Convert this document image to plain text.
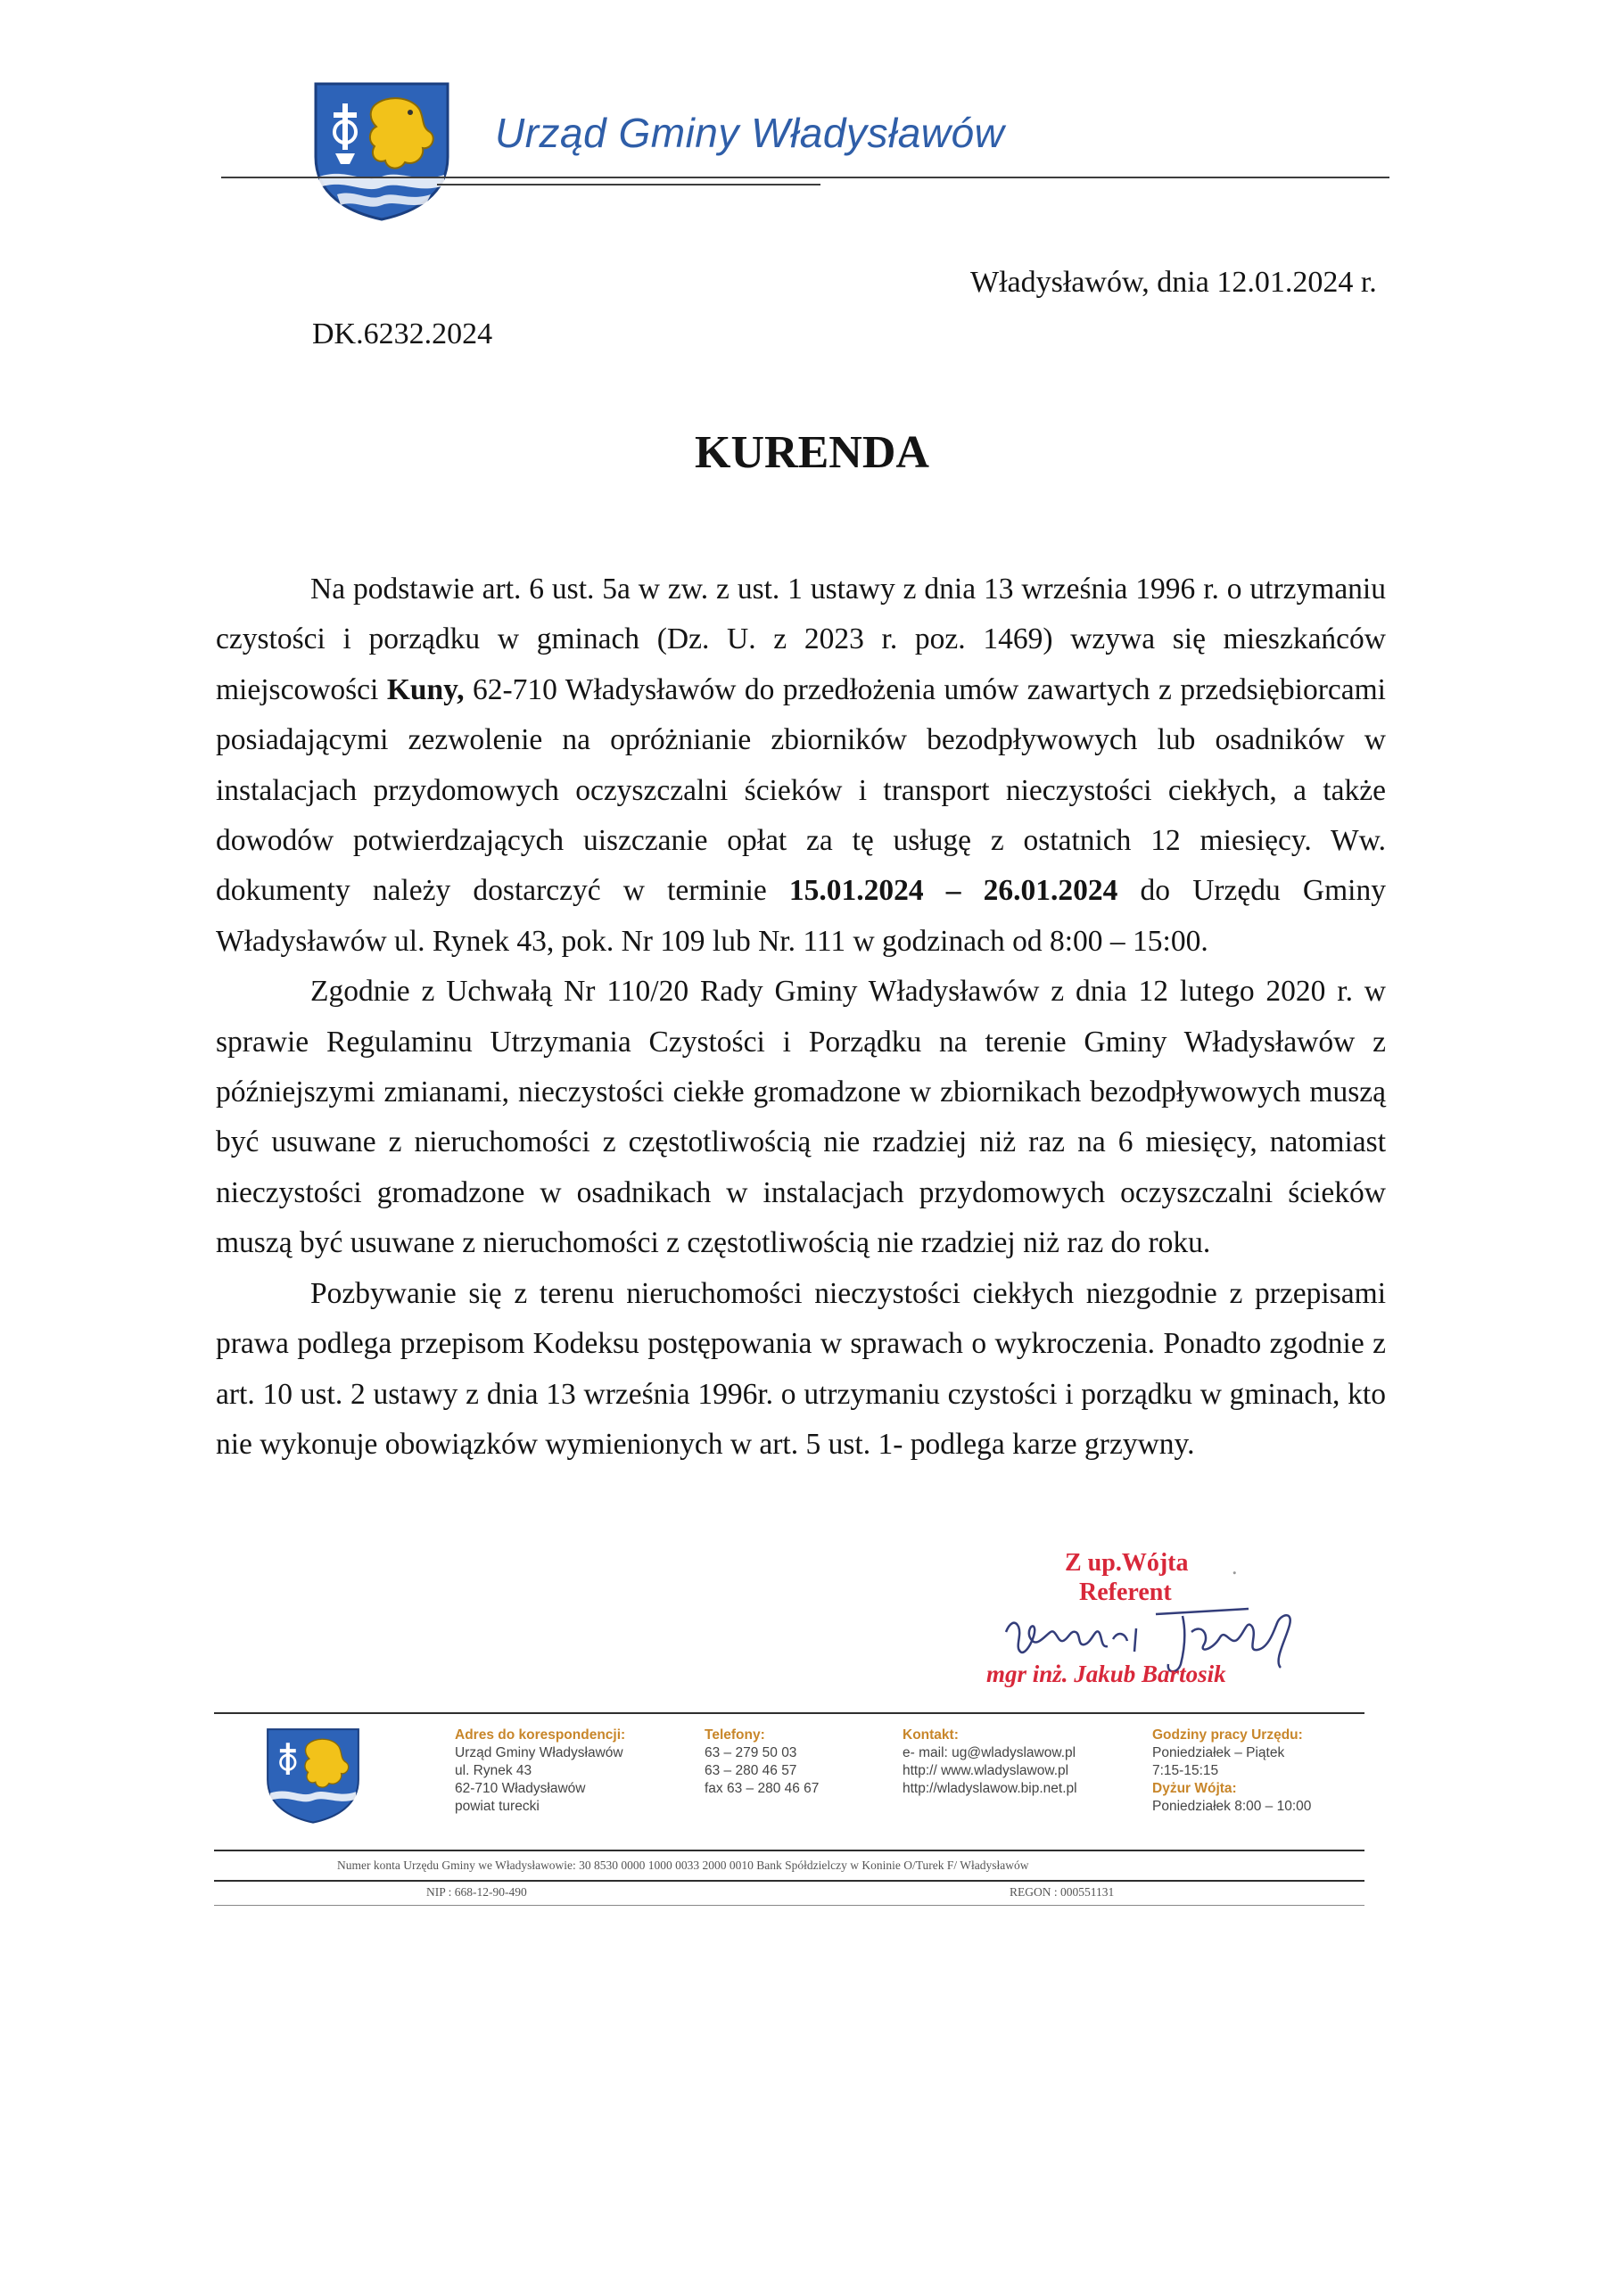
Urząd Gminy Władysławów
Władysławów, dnia 12.01.2024 r.
DK.6232.2024
KURENDA

Na podstawie art. 6 ust. 5a w zw. z ust. 1 ustawy z dnia 13 września 1996 r. o utrzymaniu czystości i porządku w gminach (Dz. U. z 2023 r. poz. 1469) wzywa się mieszkańców miejscowości Kuny, 62-710 Władysławów do przedłożenia umów zawartych z przedsiębiorcami posiadającymi zezwolenie na opróżnianie zbiorników bezodpływowych lub osadników w instalacjach przydomowych oczyszczalni ścieków i transport nieczystości ciekłych, a także dowodów potwierdzających uiszczanie opłat za tę usługę z ostatnich 12 miesięcy. Ww. dokumenty należy dostarczyć w terminie 15.01.2024 – 26.01.2024 do Urzędu Gminy Władysławów ul. Rynek 43, pok. Nr 109 lub Nr. 111 w godzinach od 8:00 – 15:00.

Zgodnie z Uchwałą Nr 110/20 Rady Gminy Władysławów z dnia 12 lutego 2020 r. w sprawie Regulaminu Utrzymania Czystości i Porządku na terenie Gminy Władysławów z późniejszymi zmianami, nieczystości ciekłe gromadzone w zbiornikach bezodpływowych muszą być usuwane z nieruchomości z częstotliwością nie rzadziej niż raz na 6 miesięcy, natomiast nieczystości gromadzone w osadnikach w instalacjach przydomowych oczyszczalni ścieków muszą być usuwane z nieruchomości z częstotliwością nie rzadziej niż raz do roku.

Pozbywanie się z terenu nieruchomości nieczystości ciekłych niezgodnie z przepisami prawa podlega przepisom Kodeksu postępowania w sprawach o wykroczenia. Ponadto zgodnie z art. 10 ust. 2 ustawy z dnia 13 września 1996r. o utrzymaniu czystości i porządku w gminach, kto nie wykonuje obowiązków wymienionych w art. 5 ust. 1- podlega karze grzywny.

Z up.Wójta .
Referent
mgr inż. Jakub Bartosik
Adres do korespondencji:
Urząd Gminy Władysławów
ul. Rynek 43
62-710 Władysławów
powiat turecki
Telefony:
63 – 279 50 03
63 – 280 46 57
fax 63 – 280 46 67
Kontakt:
e- mail: ug@wladyslawow.pl
http:// www.wladyslawow.pl
http://wladyslawow.bip.net.pl
Godziny pracy Urzędu:
Poniedziałek – Piątek
7:15-15:15
Dyżur Wójta:
Poniedziałek 8:00 – 10:00
Numer konta Urzędu Gminy we Władysławowie: 30 8530 0000 1000 0033 2000 0010 Bank Spółdzielczy w Koninie O/Turek F/ Władysławów
NIP : 668-12-90-490	REGON : 000551131
